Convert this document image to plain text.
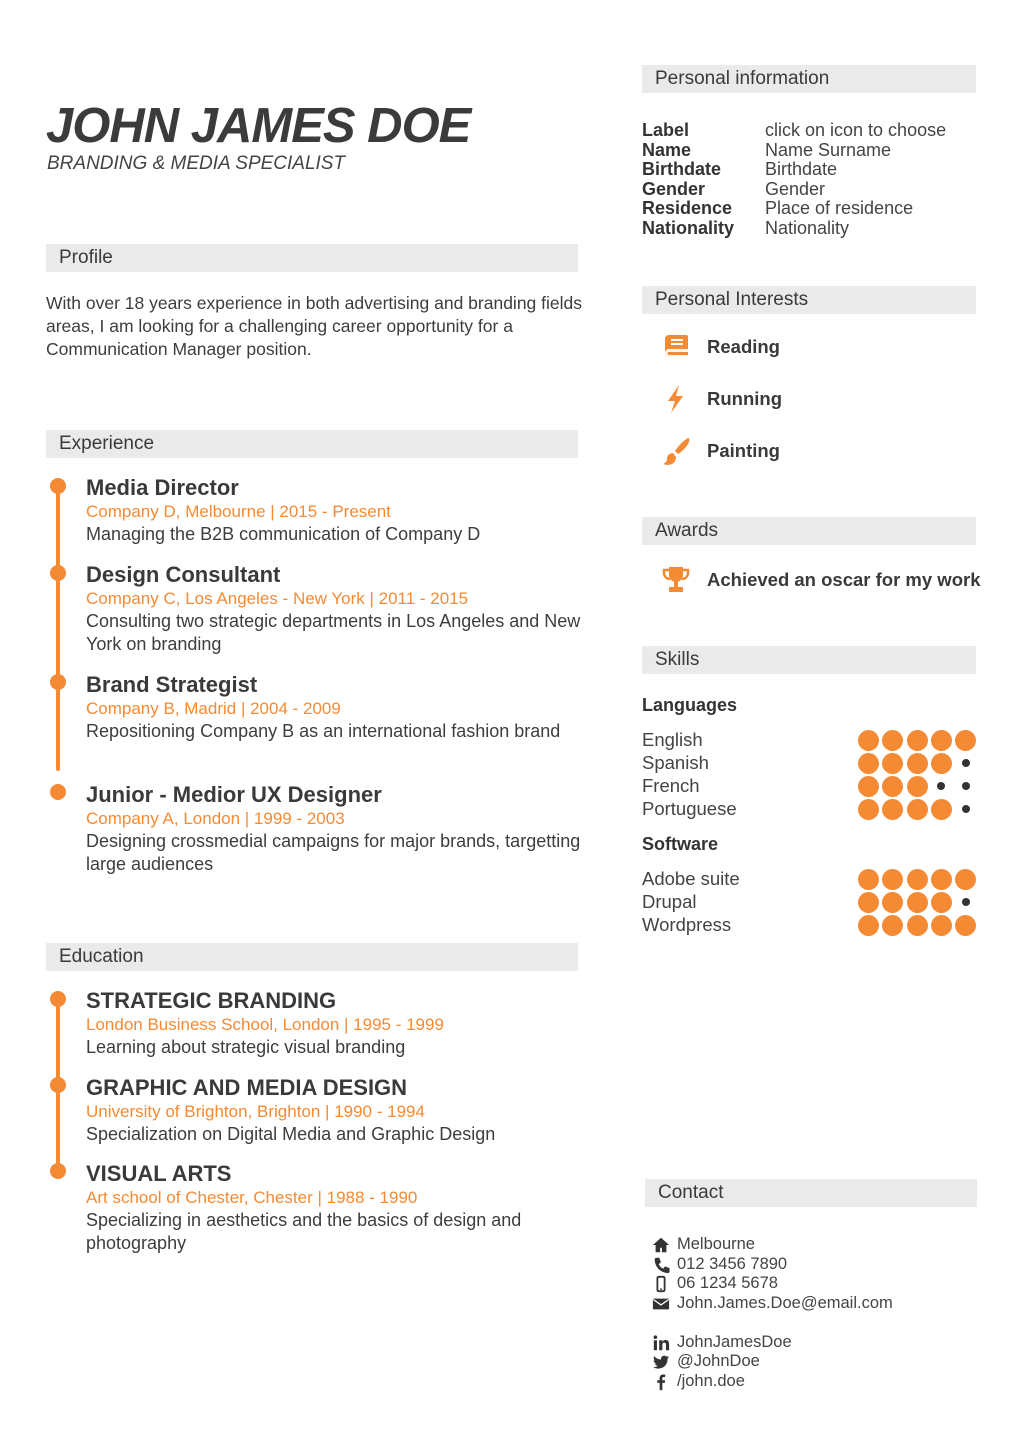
JOHN JAMES DOE
BRANDING & MEDIA SPECIALIST
Profile
With over 18 years experience in both advertising and branding fields areas, I am looking for a challenging career opportunity for a Communication Manager position.
Experience
Media Director
Company D, Melbourne | 2015 - Present
Managing the B2B communication of Company D
Design Consultant
Company C, Los Angeles - New York | 2011 - 2015
Consulting two strategic departments in Los Angeles and New York on branding
Brand Strategist
Company B, Madrid | 2004 - 2009
Repositioning Company B as an international fashion brand
Junior - Medior UX Designer
Company A, London | 1999 - 2003
Designing crossmedial campaigns for major brands, targetting large audiences
Education
STRATEGIC BRANDING
London Business School, London | 1995 - 1999
Learning about strategic visual branding
GRAPHIC AND MEDIA DESIGN
University of Brighton, Brighton | 1990 - 1994
Specialization on Digital Media and Graphic Design
VISUAL ARTS
Art school of Chester, Chester | 1988 - 1990
Specializing in aesthetics and the basics of design and photography
Personal information
Label	click on icon to choose
Name	Name Surname
Birthdate	Birthdate
Gender	Gender
Residence	Place of residence
Nationality	Nationality
Personal Interests
Reading
Running
Painting
Awards
Achieved an oscar for my work
Skills
Languages
English
Spanish
French
Portuguese
Software
Adobe suite
Drupal
Wordpress
Contact
Melbourne
012 3456 7890
06 1234 5678
John.James.Doe@email.com
JohnJamesDoe
@JohnDoe
/john.doe
